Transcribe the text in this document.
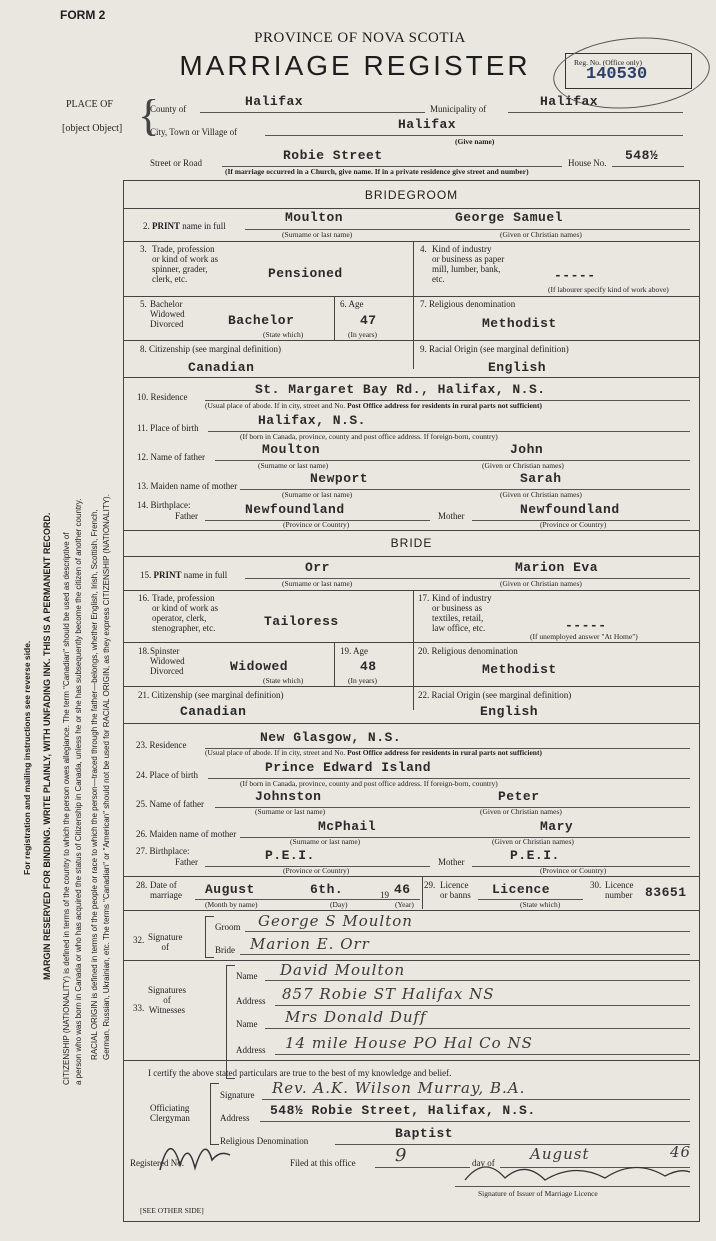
FORM 2
PROVINCE OF NOVA SCOTIA
MARRIAGE REGISTER	Reg. No. (Office only)
140530
PLACE OF
[object Object] {
County of	Halifax	Municipality of	Halifax
City, Town or Village of	Halifax
(Give name)
Street or Road	Robie Street	House No. 548½
(If marriage occurred in a Church, give name. If in a private residence give street and number)
BRIDEGROOM
2. PRINT name in full
Moulton	George Samuel
(Surname or last name)	(Given or Christian names)
3. Trade, profession
or kind of work as
spinner, grader,
clerk, etc.	Pensioned
4. Kind of industry
or business as paper
mill, lumber, bank,
etc.	-----
(If labourer specify kind of work above)
5. Bachelor
Widowed
Divorced	Bachelor
(State which)
6. Age
47
(In years)
7. Religious denomination
Methodist
8. Citizenship (see marginal definition)
Canadian
9. Racial Origin (see marginal definition)
English
10. Residence	St. Margaret Bay Rd., Halifax, N.S.
(Usual place of abode. If in city, street and No. Post Office address for residents in rural parts not sufficient)
11. Place of birth	Halifax, N.S.
(If born in Canada, province, county and post office address. If foreign-born, country)
12. Name of father	Moulton	John
(Surname or last name)	(Given or Christian names)
13. Maiden name of mother	Newport	Sarah
(Surname or last name)	(Given or Christian names)
14. Birthplace:
Father	Newfoundland
(Province or Country)
Mother	Newfoundland
(Province or Country)
BRIDE
15. PRINT name in full	Orr	Marion Eva
(Surname or last name)	(Given or Christian names)
16. Trade, profession
or kind of work as
operator, clerk,
stenographer, etc.	Tailoress
17. Kind of industry
or business as
textiles, retail,
law office, etc.	-----
(If unemployed answer "At Home")
18. Spinster
Widowed
Divorced	Widowed
(State which)
19. Age
48
(In years)
20. Religious denomination
Methodist
21. Citizenship (see marginal definition)
Canadian
22. Racial Origin (see marginal definition)
English
23. Residence	New Glasgow, N.S.
(Usual place of abode. If in city, street and No. Post Office address for residents in rural parts not sufficient)
24. Place of birth	Prince Edward Island
(If born in Canada, province, county and post office address. If foreign-born, country)
25. Name of father	Johnston	Peter
(Surname or last name)	(Given or Christian names)
26. Maiden name of mother	McPhail	Mary
(Surname or last name)	(Given or Christian names)
27. Birthplace:
Father	P.E.I.
(Province or Country)
Mother	P.E.I.
(Province or Country)
28. Date of
marriage August	6th.	19 46
(Month by name)	(Day)	(Year)
29. Licence
or banns Licence
(State which)
30. Licence
number 83651
32. Signature
of
Groom George S Moulton
Bride Marion E. Orr
33.
Signatures
of
Witnesses
Name David Moulton
Address 857 Robie ST Halifax NS
Name Mrs Donald Duff
Address 14 mile House PO Hal Co NS
I certify the above stated particulars are true to the best of my knowledge and belief.
Signature Rev. A.K. Wilson Murray, B.A.
Officiating
Clergyman	Address 548½ Robie Street, Halifax, N.S.
Religious Denomination	Baptist
Registered No.	Filed at this office 9	day of August	46
Signature of Issuer of Marriage Licence
[SEE OTHER SIDE]
MARGIN RESERVED FOR BINDING. WRITE PLAINLY, WITH UNFADING INK. THIS IS A PERMANENT RECORD.
For registration and mailing instructions see reverse side.	CITIZENSHIP (NATIONALITY) is defined in terms of the country to which the person owes allegiance. The term "Canadian" should be used as descriptive of a person who was born in Canada or who has acquired the status of Citizenship in Canada, unless he or she has subsequently become the citizen of another country. RACIAL ORIGIN is defined in terms of the people or race to which the person—traced through the father—belongs, whether English, Irish, Scottish, French, German, Russian, Ukrainian, etc. The terms "Canadian" or "American" should not be used for RACIAL ORIGIN, as they express CITIZENSHIP (NATIONALITY).
